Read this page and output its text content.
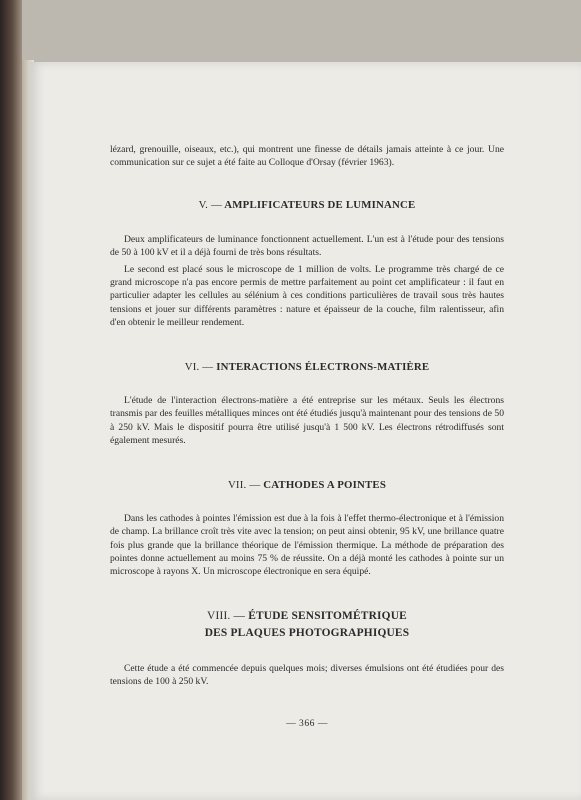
lézard, grenouille, oiseaux, etc.), qui montrent une finesse de détails jamais atteinte à ce jour. Une communication sur ce sujet a été faite au Colloque d'Orsay (février 1963).

V. — AMPLIFICATEURS DE LUMINANCE

Deux amplificateurs de luminance fonctionnent actuellement. L'un est à l'étude pour des tensions de 50 à 100 kV et il a déjà fourni de très bons résultats.

Le second est placé sous le microscope de 1 million de volts. Le programme très chargé de ce grand microscope n'a pas encore permis de mettre parfaitement au point cet amplificateur : il faut en particulier adapter les cellules au sélénium à ces conditions particulières de travail sous très hautes tensions et jouer sur différents paramètres : nature et épaisseur de la couche, film ralentisseur, afin d'en obtenir le meilleur rendement.

VI. — INTERACTIONS ÉLECTRONS-MATIÈRE

L'étude de l'interaction électrons-matière a été entreprise sur les métaux. Seuls les électrons transmis par des feuilles métalliques minces ont été étudiés jusqu'à maintenant pour des tensions de 50 à 250 kV. Mais le dispositif pourra être utilisé jusqu'à 1 500 kV. Les électrons rétrodiffusés sont également mesurés.

VII. — CATHODES A POINTES

Dans les cathodes à pointes l'émission est due à la fois à l'effet thermo-électronique et à l'émission de champ. La brillance croît très vite avec la tension; on peut ainsi obtenir, 95 kV, une brillance quatre fois plus grande que la brillance théorique de l'émission thermique. La méthode de préparation des pointes donne actuellement au moins 75 % de réussite. On a déjà monté les cathodes à pointe sur un microscope à rayons X. Un microscope électronique en sera équipé.

VIII. — ÉTUDE SENSITOMÉTRIQUE
DES PLAQUES PHOTOGRAPHIQUES

Cette étude a été commencée depuis quelques mois; diverses émulsions ont été étudiées pour des tensions de 100 à 250 kV.

— 366 —
